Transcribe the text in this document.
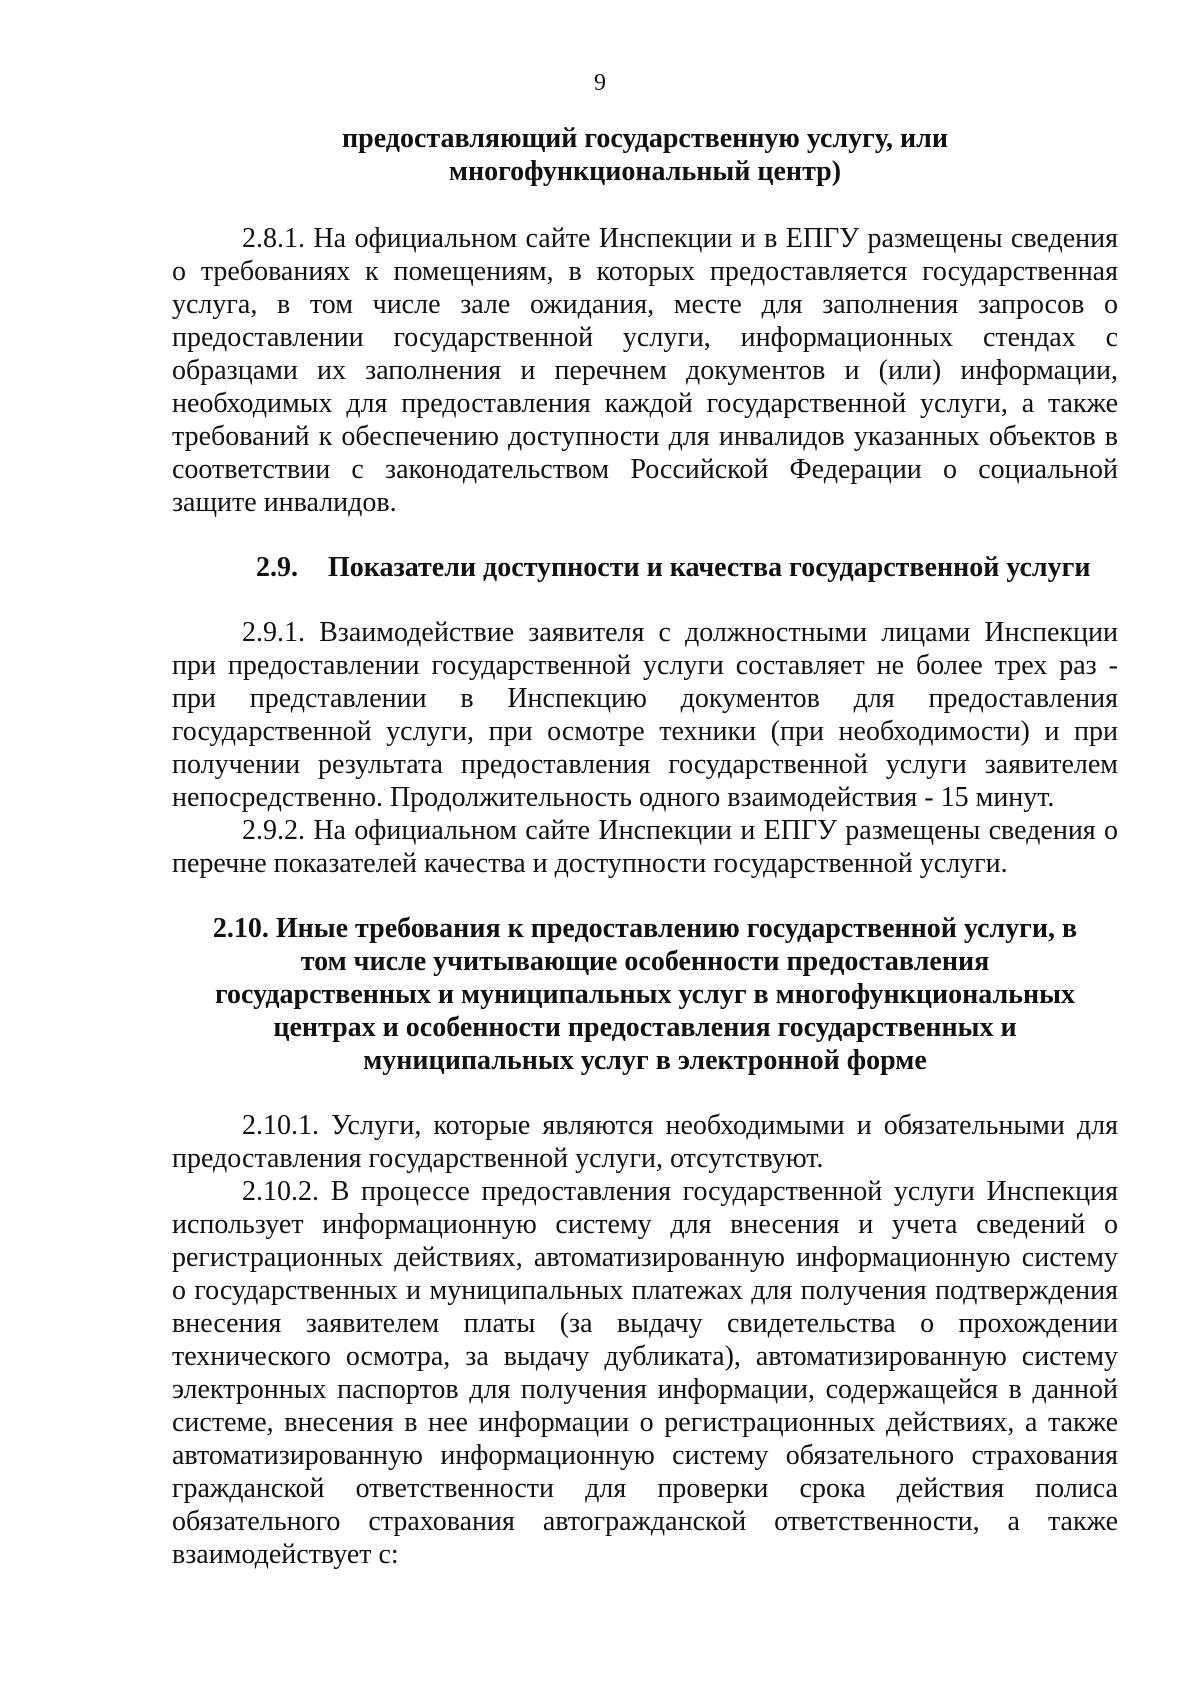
9

предоставляющий государственную услугу, или многофункциональный центр)

2.8.1. На официальном сайте Инспекции и в ЕПГУ размещены сведения о требованиях к помещениям, в которых предоставляется государственная услуга, в том числе зале ожидания, месте для заполнения запросов о предоставлении государственной услуги, информационных стендах с образцами их заполнения и перечнем документов и (или) информации, необходимых для предоставления каждой государственной услуги, а также требований к обеспечению доступности для инвалидов указанных объектов в соответствии с законодательством Российской Федерации о социальной защите инвалидов.

2.9. Показатели доступности и качества государственной услуги

2.9.1. Взаимодействие заявителя с должностными лицами Инспекции при предоставлении государственной услуги составляет не более трех раз - при представлении в Инспекцию документов для предоставления государственной услуги, при осмотре техники (при необходимости) и при получении результата предоставления государственной услуги заявителем непосредственно. Продолжительность одного взаимодействия - 15 минут.

2.9.2. На официальном сайте Инспекции и ЕПГУ размещены сведения о перечне показателей качества и доступности государственной услуги.

2.10. Иные требования к предоставлению государственной услуги, в том числе учитывающие особенности предоставления государственных и муниципальных услуг в многофункциональных центрах и особенности предоставления государственных и муниципальных услуг в электронной форме

2.10.1. Услуги, которые являются необходимыми и обязательными для предоставления государственной услуги, отсутствуют.

2.10.2. В процессе предоставления государственной услуги Инспекция использует информационную систему для внесения и учета сведений о регистрационных действиях, автоматизированную информационную систему о государственных и муниципальных платежах для получения подтверждения внесения заявителем платы (за выдачу свидетельства о прохождении технического осмотра, за выдачу дубликата), автоматизированную систему электронных паспортов для получения информации, содержащейся в данной системе, внесения в нее информации о регистрационных действиях, а также автоматизированную информационную систему обязательного страхования гражданской ответственности для проверки срока действия полиса обязательного страхования автогражданской ответственности, а также взаимодействует с:
